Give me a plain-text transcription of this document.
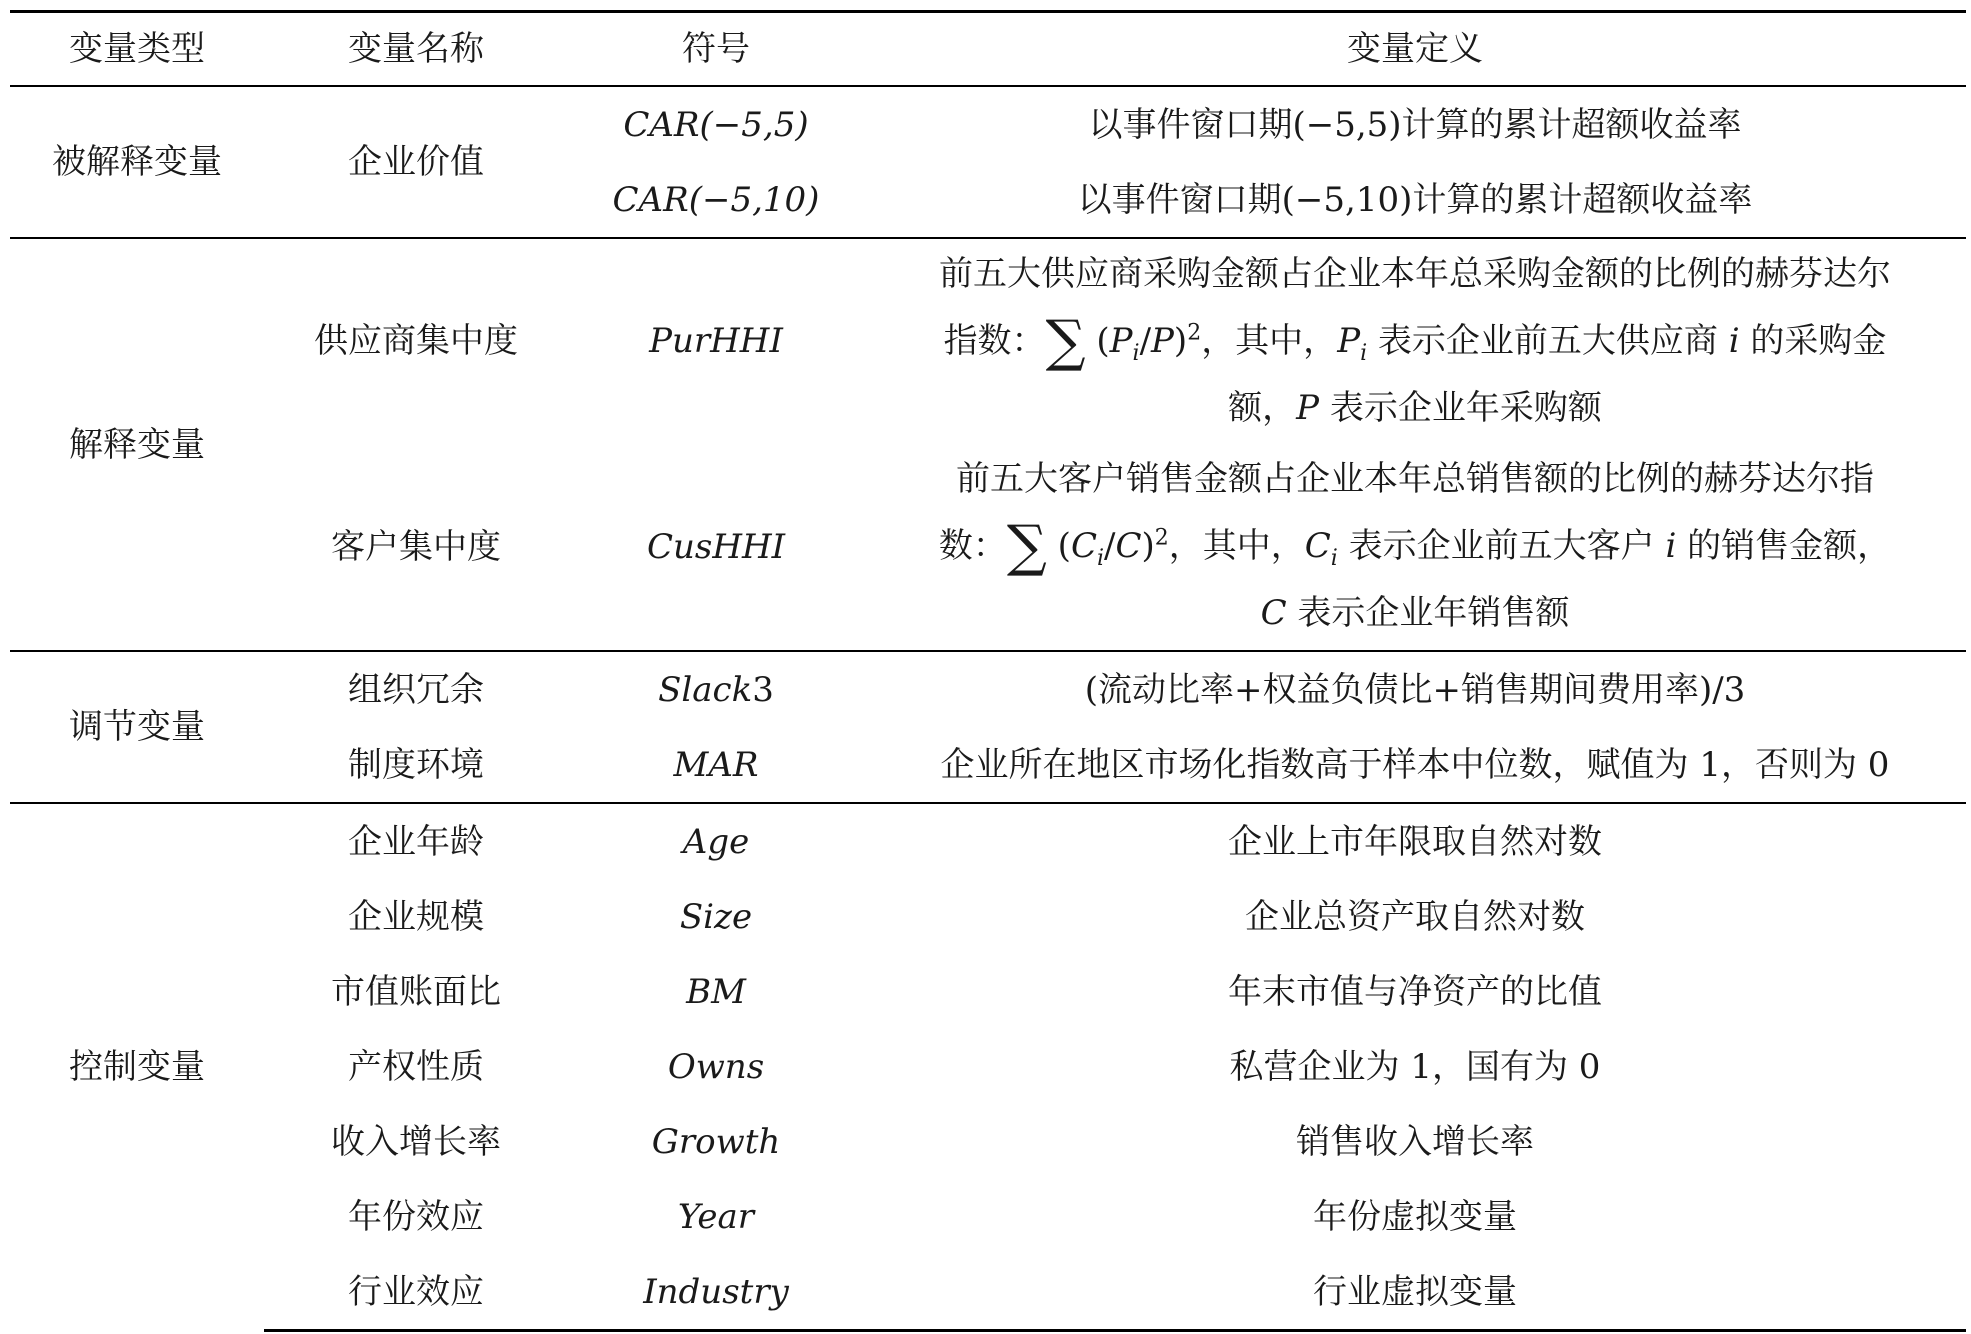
变量类型	变量名称	符号	变量定义
被解释变量	企业价值	CAR(−5,5)	以事件窗口期(−5,5)计算的累计超额收益率
		CAR(−5,10)	以事件窗口期(−5,10)计算的累计超额收益率
解释变量	供应商集中度	PurHHI	前五大供应商采购金额占企业本年总采购金额的比例的赫芬达尔
指数：∑ $(P_i/P)^2$，其中，$P_i$ 表示企业前五大供应商 i 的采购金
额，P 表示企业年采购额
	客户集中度	CusHHI	前五大客户销售金额占企业本年总销售额的比例的赫芬达尔指
数：∑ $(C_i/C)^2$，其中，$C_i$ 表示企业前五大客户 i 的销售金额，
C 表示企业年销售额
调节变量	组织冗余	Slack3	(流动比率+权益负债比+销售期间费用率)/3
	制度环境	MAR	企业所在地区市场化指数高于样本中位数，赋值为 1，否则为 0
控制变量	企业年龄	Age	企业上市年限取自然对数
	企业规模	Size	企业总资产取自然对数
	市值账面比	BM	年末市值与净资产的比值
	产权性质	Owns	私营企业为 1，国有为 0
	收入增长率	Growth	销售收入增长率
	年份效应	Year	年份虚拟变量
	行业效应	Industry	行业虚拟变量
